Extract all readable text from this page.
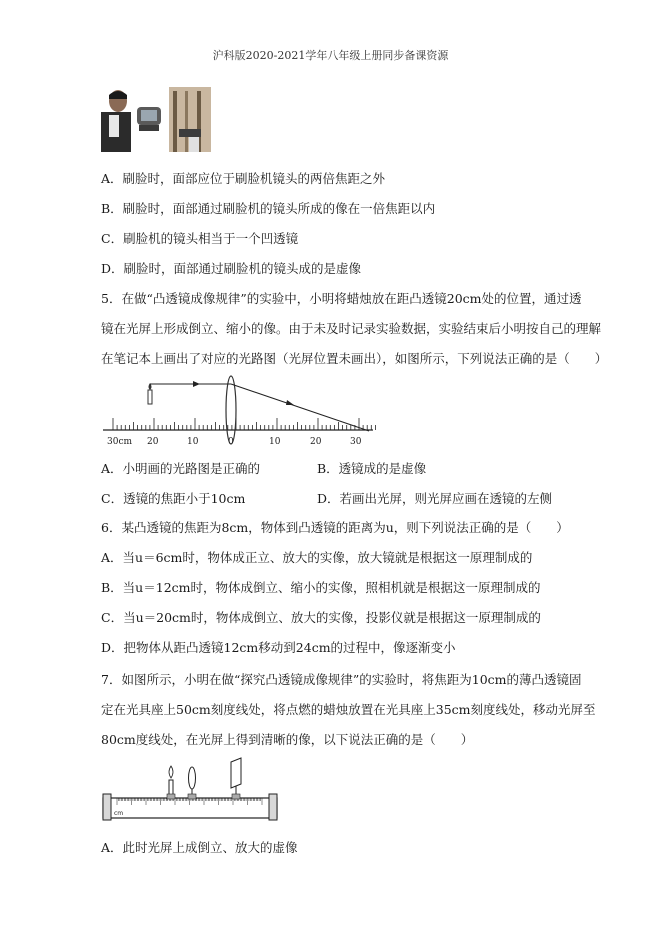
沪科版2020-2021学年八年级上册同步备课资源
A．刷脸时，面部应位于刷脸机镜头的两倍焦距之外
B．刷脸时，面部通过刷脸机的镜头所成的像在一倍焦距以内
C．刷脸机的镜头相当于一个凹透镜
D．刷脸时，面部通过刷脸机的镜头成的是虚像
5．在做“凸透镜成像规律”的实验中，小明将蜡烛放在距凸透镜20cm处的位置，通过透
镜在光屏上形成倒立、缩小的像。由于未及时记录实验数据，实验结束后小明按自己的理解
在笔记本上画出了对应的光路图（光屏位置未画出），如图所示，下列说法正确的是（　　）
30cm 20	10	0	10	20	30
A．小明画的光路图是正确的	B．透镜成的是虚像
C．透镜的焦距小于10cm	D．若画出光屏，则光屏应画在透镜的左侧
6．某凸透镜的焦距为8cm，物体到凸透镜的距离为u，则下列说法正确的是（　　）
A．当u＝6cm时，物体成正立、放大的实像，放大镜就是根据这一原理制成的
B．当u＝12cm时，物体成倒立、缩小的实像，照相机就是根据这一原理制成的
C．当u＝20cm时，物体成倒立、放大的实像，投影仪就是根据这一原理制成的
D．把物体从距凸透镜12cm移动到24cm的过程中，像逐渐变小
7．如图所示，小明在做“探究凸透镜成像规律”的实验时，将焦距为10cm的薄凸透镜固
定在光具座上50cm刻度线处，将点燃的蜡烛放置在光具座上35cm刻度线处，移动光屏至
80cm度线处，在光屏上得到清晰的像，以下说法正确的是（　　）
cm
A．此时光屏上成倒立、放大的虚像
